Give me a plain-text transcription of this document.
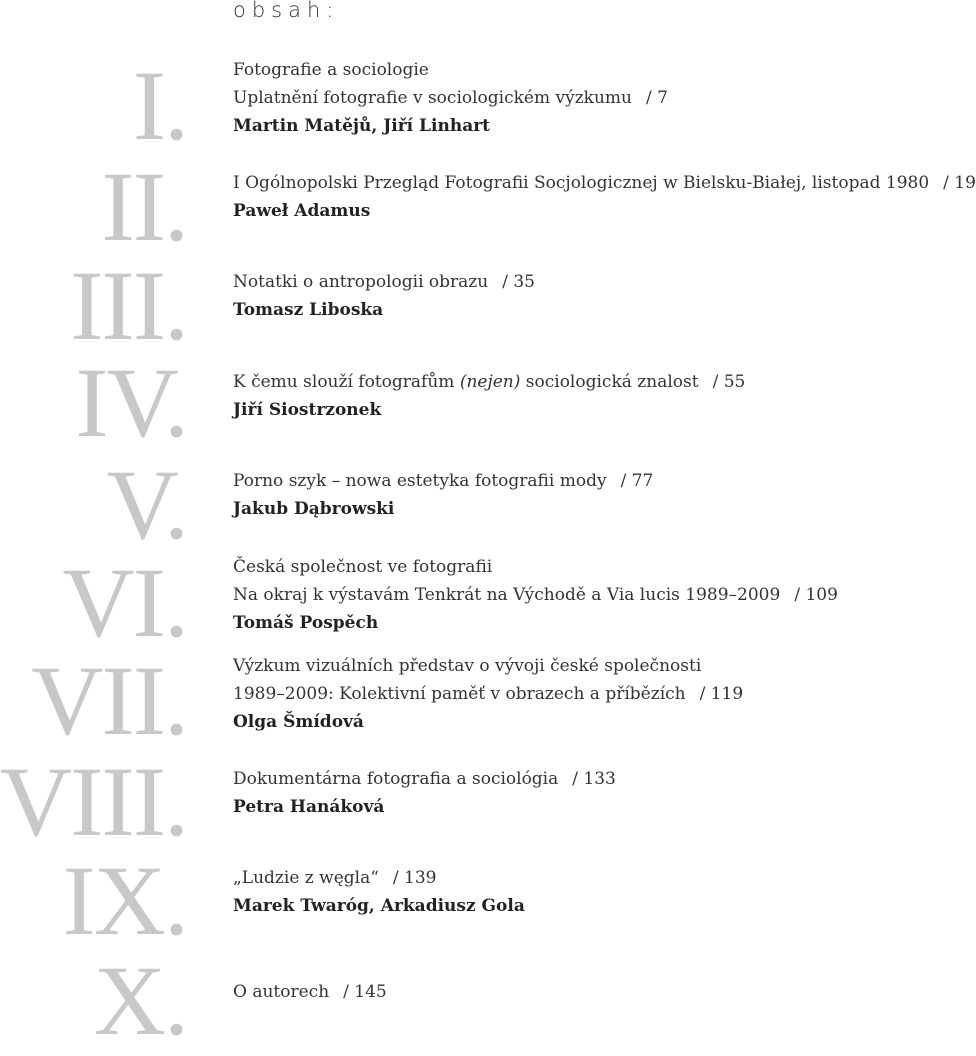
obsah:
I.
II.
III.
IV.
V.
VI.
VII.
VIII.
IX.
X.
Fotografie a sociologie
Uplatnění fotografie v sociologickém výzkumu / 7
Martin Matějů, Jiří Linhart
I Ogólnopolski Przegląd Fotografii Socjologicznej w Bielsku-Białej, listopad 1980 / 19
Paweł Adamus
Notatki o antropologii obrazu / 35
Tomasz Liboska
K čemu slouží fotografům (nejen) sociologická znalost / 55
Jiří Siostrzonek
Porno szyk – nowa estetyka fotografii mody / 77
Jakub Dąbrowski
Česká společnost ve fotografii
Na okraj k výstavám Tenkrát na Východě a Via lucis 1989–2009 / 109
Tomáš Pospěch
Výzkum vizuálních představ o vývoji české společnosti
1989–2009: Kolektivní paměť v obrazech a příbězích / 119
Olga Šmídová
Dokumentárna fotografia a sociológia / 133
Petra Hanáková
„Ludzie z węgla“ / 139
Marek Twaróg, Arkadiusz Gola
O autorech / 145
